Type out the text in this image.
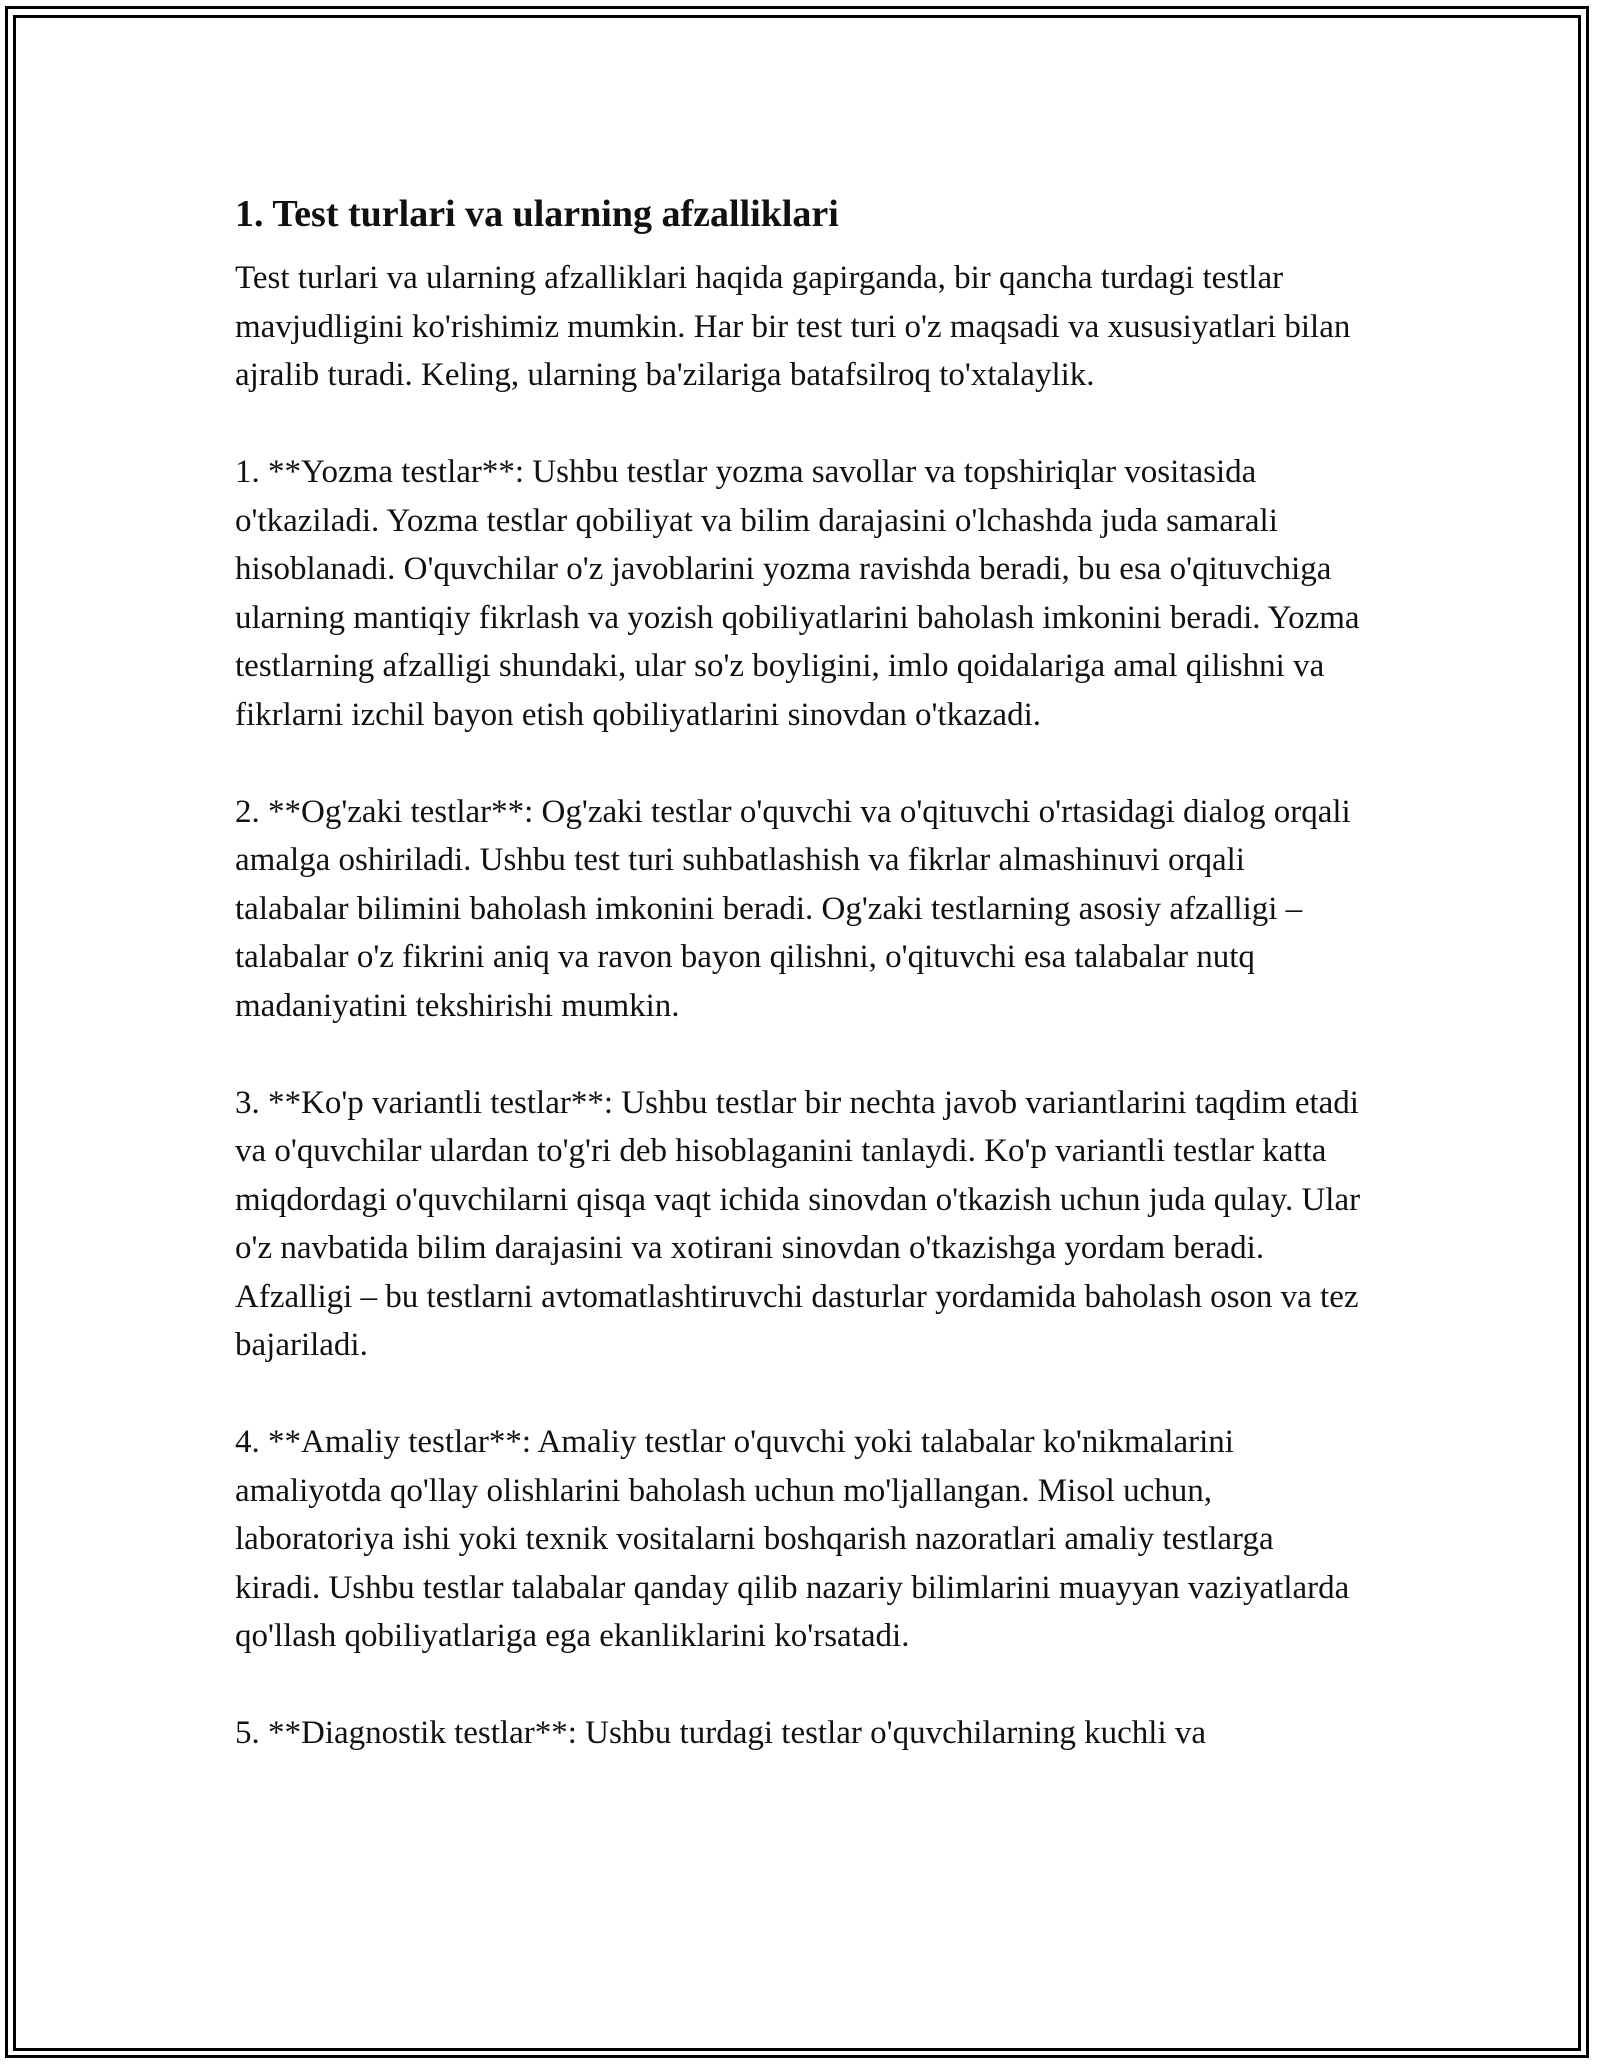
1. Test turlari va ularning afzalliklari

Test turlari va ularning afzalliklari haqida gapirganda, bir qancha turdagi testlar mavjudligini ko'rishimiz mumkin. Har bir test turi o'z maqsadi va xususiyatlari bilan ajralib turadi. Keling, ularning ba'zilariga batafsilroq to'xtalaylik.

1. **Yozma testlar**: Ushbu testlar yozma savollar va topshiriqlar vositasida o'tkaziladi. Yozma testlar qobiliyat va bilim darajasini o'lchashda juda samarali hisoblanadi. O'quvchilar o'z javoblarini yozma ravishda beradi, bu esa o'qituvchiga ularning mantiqiy fikrlash va yozish qobiliyatlarini baholash imkonini beradi. Yozma testlarning afzalligi shundaki, ular so'z boyligini, imlo qoidalariga amal qilishni va fikrlarni izchil bayon etish qobiliyatlarini sinovdan o'tkazadi.

2. **Og'zaki testlar**: Og'zaki testlar o'quvchi va o'qituvchi o'rtasidagi dialog orqali amalga oshiriladi. Ushbu test turi suhbatlashish va fikrlar almashinuvi orqali talabalar bilimini baholash imkonini beradi. Og'zaki testlarning asosiy afzalligi – talabalar o'z fikrini aniq va ravon bayon qilishni, o'qituvchi esa talabalar nutq madaniyatini tekshirishi mumkin.

3. **Ko'p variantli testlar**: Ushbu testlar bir nechta javob variantlarini taqdim etadi va o'quvchilar ulardan to'g'ri deb hisoblaganini tanlaydi. Ko'p variantli testlar katta miqdordagi o'quvchilarni qisqa vaqt ichida sinovdan o'tkazish uchun juda qulay. Ular o'z navbatida bilim darajasini va xotirani sinovdan o'tkazishga yordam beradi. Afzalligi – bu testlarni avtomatlashtiruvchi dasturlar yordamida baholash oson va tez bajariladi.

4. **Amaliy testlar**: Amaliy testlar o'quvchi yoki talabalar ko'nikmalarini amaliyotda qo'llay olishlarini baholash uchun mo'ljallangan. Misol uchun, laboratoriya ishi yoki texnik vositalarni boshqarish nazoratlari amaliy testlarga kiradi. Ushbu testlar talabalar qanday qilib nazariy bilimlarini muayyan vaziyatlarda qo'llash qobiliyatlariga ega ekanliklarini ko'rsatadi.

5. **Diagnostik testlar**: Ushbu turdagi testlar o'quvchilarning kuchli va
